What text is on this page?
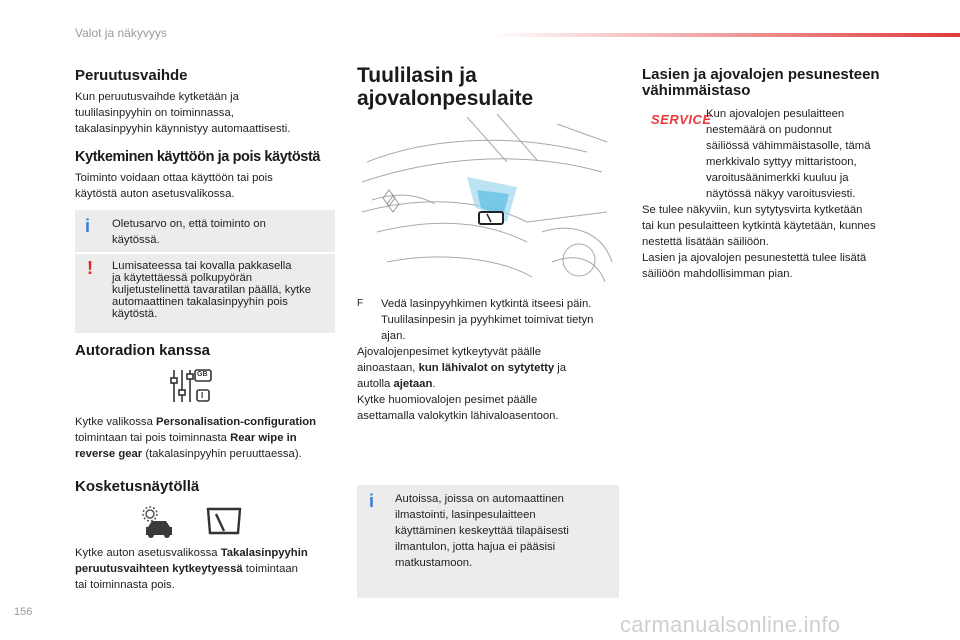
Valot ja näkyvyys
Peruutusvaihde
Kun peruutusvaihde kytketään ja
tuulilasinpyyhin on toiminnassa,
takalasinpyyhin käynnistyy automaattisesti.
Kytkeminen käyttöön ja pois käytöstä
Toiminto voidaan ottaa käyttöön tai pois
käytöstä auton asetusvalikossa.
i Oletusarvo on, että toiminto on
käytössä.
! Lumisateessa tai kovalla pakkasella
ja käytettäessä polkupyörän
kuljetustelinettä tavaratilan päällä, kytke
automaattinen takalasinpyyhin pois
käytöstä.
Autoradion kanssa
GB
I
Kytke valikossa Personalisation-configuration
toimintaan tai pois toiminnasta Rear wipe in
reverse gear (takalasinpyyhin peruuttaessa).
Kosketusnäytöllä
Kytke auton asetusvalikossa Takalasinpyyhin
peruutusvaihteen kytkeytyessä toimintaan
tai toiminnasta pois.
Tuulilasin ja
ajovalonpesulaite
F	Vedä lasinpyyhkimen kytkintä itseesi päin.
Tuulilasinpesin ja pyyhkimet toimivat tietyn
ajan.
Ajovalojenpesimet kytkeytyvät päälle
ainoastaan, kun lähivalot on sytytetty ja
autolla ajetaan.
Kytke huomiovalojen pesimet päälle
asettamalla valokytkin lähivaloasentoon.
i Autoissa, joissa on automaattinen
ilmastointi, lasinpesulaitteen
käyttäminen keskeyttää tilapäisesti
ilmantulon, jotta hajua ei pääsisi
matkustamoon.
Lasien ja ajovalojen pesunesteen
vähimmäistaso
SERVICE
Kun ajovalojen pesulaitteen
nestemäärä on pudonnut
säiliössä vähimmäistasolle, tämä
merkkivalo syttyy mittaristoon,
varoitusäänimerkki kuuluu ja
näytössä näkyy varoitusviesti.
Se tulee näkyviin, kun sytytysvirta kytketään
tai kun pesulaitteen kytkintä käytetään, kunnes
nestettä lisätään säiliöön.
Lasien ja ajovalojen pesunestettä tulee lisätä
säiliöön mahdollisimman pian.
156	carmanualsonline.info
